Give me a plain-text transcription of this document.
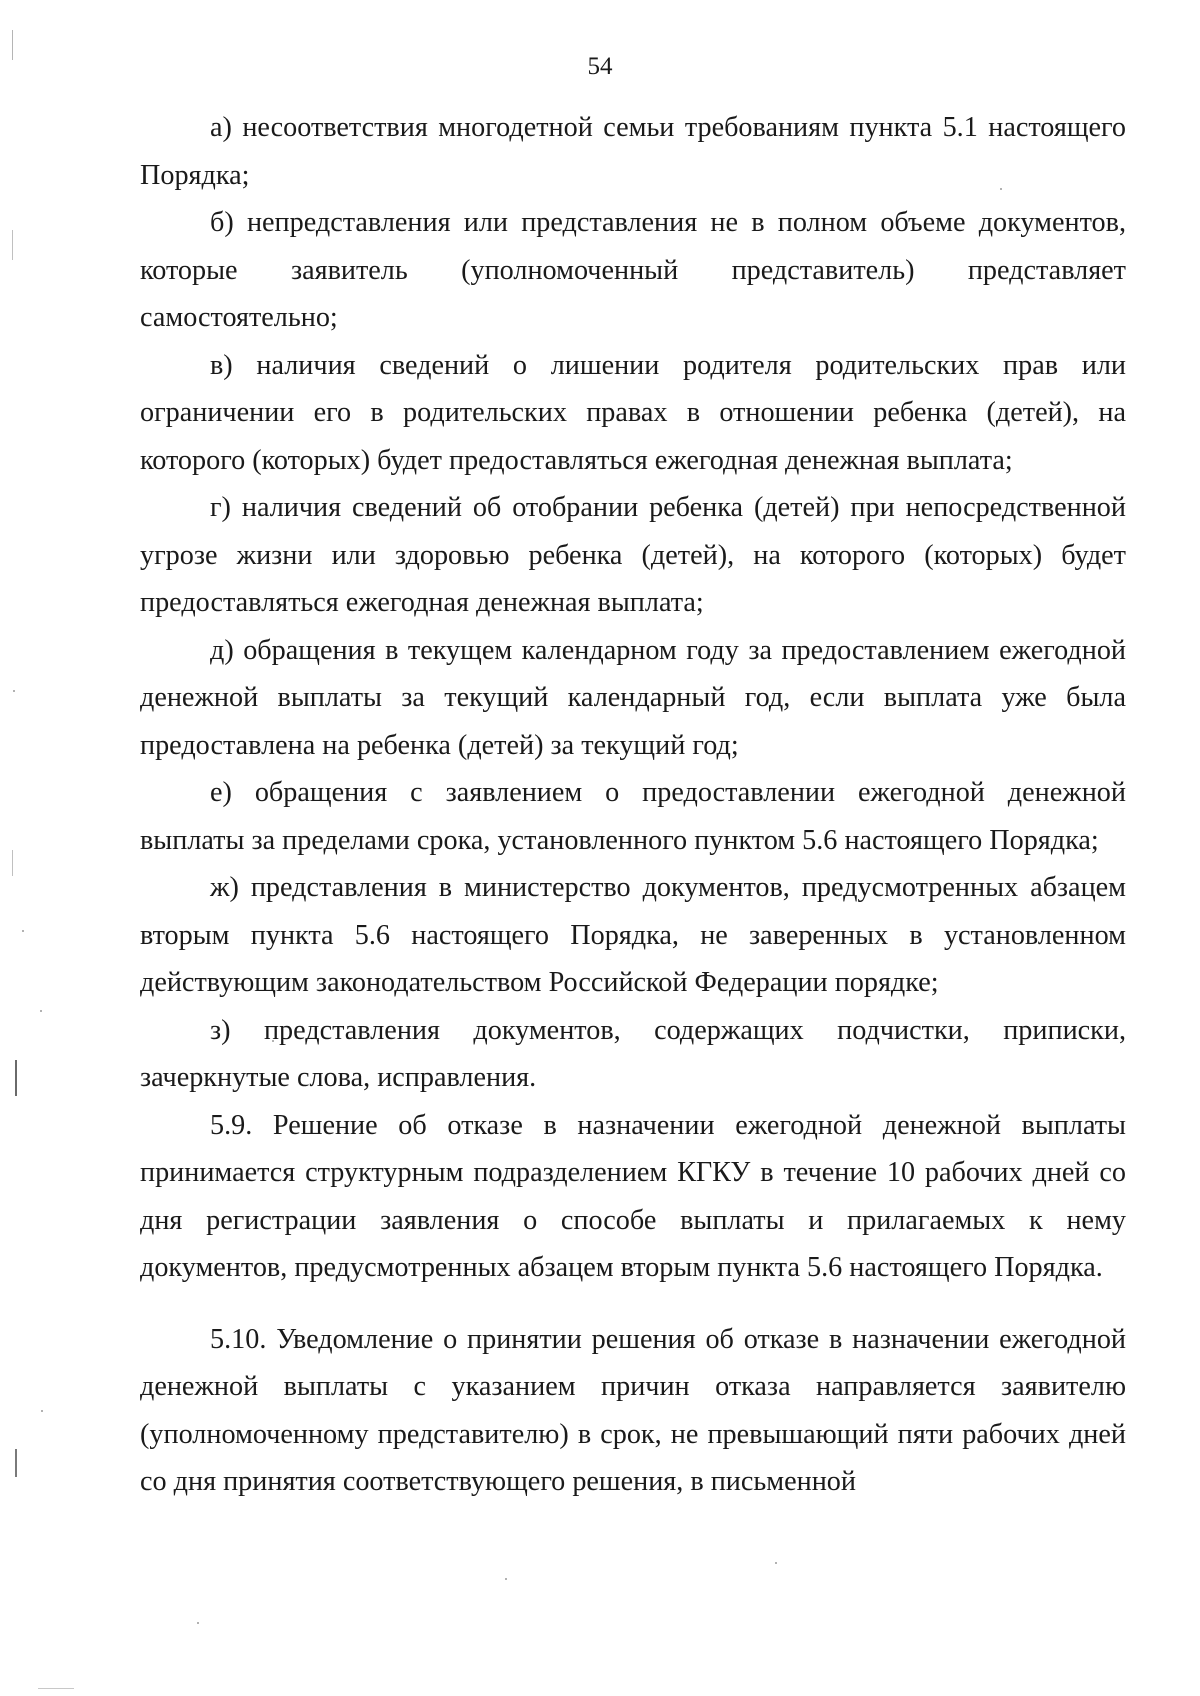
54

а) несоответствия многодетной семьи требованиям пункта 5.1 настоящего Порядка;

б) непредставления или представления не в полном объеме документов, которые заявитель (уполномоченный представитель) представляет самостоятельно;

в) наличия сведений о лишении родителя родительских прав или ограничении его в родительских правах в отношении ребенка (детей), на которого (которых) будет предоставляться ежегодная денежная выплата;

г) наличия сведений об отобрании ребенка (детей) при непосредственной угрозе жизни или здоровью ребенка (детей), на которого (которых) будет предоставляться ежегодная денежная выплата;

д) обращения в текущем календарном году за предоставлением ежегодной денежной выплаты за текущий календарный год, если выплата уже была предоставлена на ребенка (детей) за текущий год;

е) обращения с заявлением о предоставлении ежегодной денежной выплаты за пределами срока, установленного пунктом 5.6 настоящего Порядка;

ж) представления в министерство документов, предусмотренных абзацем вторым пункта 5.6 настоящего Порядка, не заверенных в установленном действующим законодательством Российской Федерации порядке;

з) представления документов, содержащих подчистки, приписки, зачеркнутые слова, исправления.

5.9. Решение об отказе в назначении ежегодной денежной выплаты принимается структурным подразделением КГКУ в течение 10 рабочих дней со дня регистрации заявления о способе выплаты и прилагаемых к нему документов, предусмотренных абзацем вторым пункта 5.6 настоящего Порядка.

5.10. Уведомление о принятии решения об отказе в назначении ежегодной денежной выплаты с указанием причин отказа направляется заявителю (уполномоченному представителю) в срок, не превышающий пяти рабочих дней со дня принятия соответствующего решения, в письменной
